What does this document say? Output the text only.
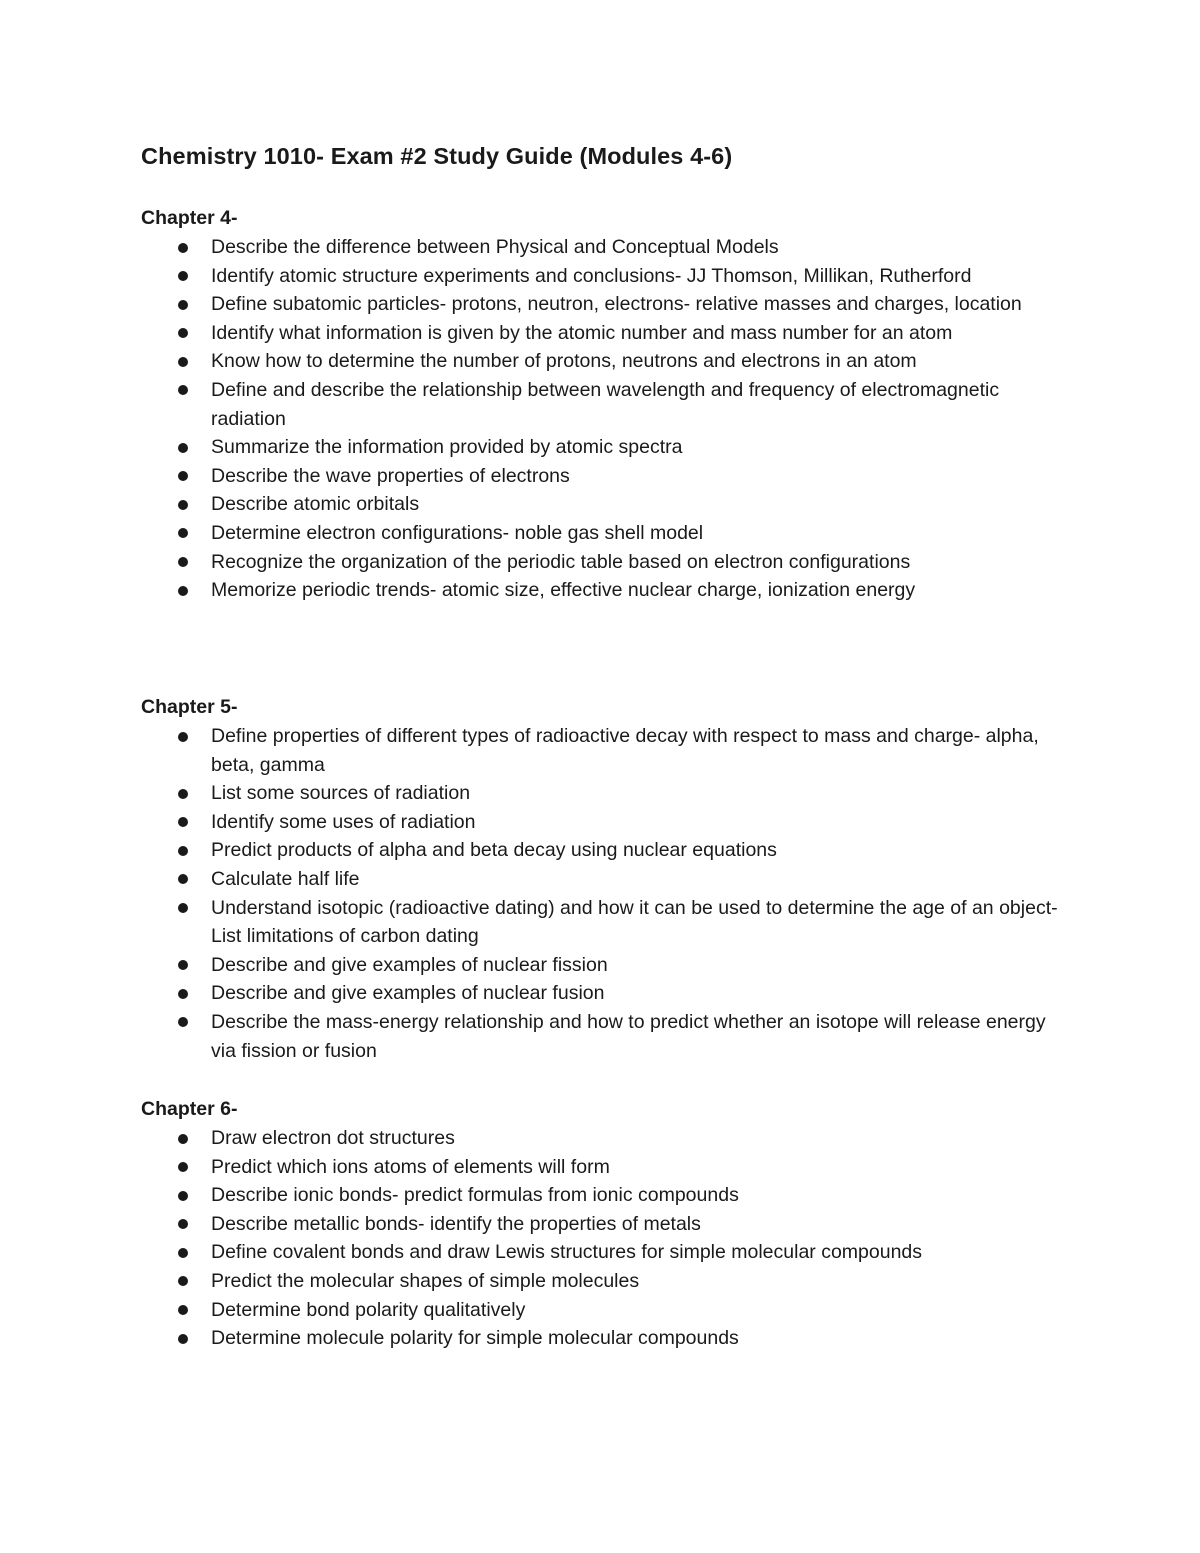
Chemistry 1010- Exam #2 Study Guide (Modules 4-6)
Chapter 4-
Describe the difference between Physical and Conceptual Models
Identify atomic structure experiments and conclusions- JJ Thomson, Millikan, Rutherford
Define subatomic particles- protons, neutron, electrons- relative masses and charges, location
Identify what information is given by the atomic number and mass number for an atom
Know how to determine the number of protons, neutrons and electrons in an atom
Define and describe the relationship between wavelength and frequency of electromagnetic radiation
Summarize the information provided by atomic spectra
Describe the wave properties of electrons
Describe atomic orbitals
Determine electron configurations- noble gas shell model
Recognize the organization of the periodic table based on electron configurations
Memorize periodic trends- atomic size, effective nuclear charge, ionization energy
Chapter 5-
Define properties of different types of radioactive decay with respect to mass and charge- alpha, beta, gamma
List some sources of radiation
Identify some uses of radiation
Predict products of alpha and beta decay using nuclear equations
Calculate half life
Understand isotopic (radioactive dating) and how it can be used to determine the age of an object- List limitations of carbon dating
Describe and give examples of nuclear fission
Describe and give examples of nuclear fusion
Describe the mass-energy relationship and how to predict whether an isotope will release energy via fission or fusion
Chapter 6-
Draw electron dot structures
Predict which ions atoms of elements will form
Describe ionic bonds- predict formulas from ionic compounds
Describe metallic bonds- identify the properties of metals
Define covalent bonds and draw Lewis structures for simple molecular compounds
Predict the molecular shapes of simple molecules
Determine bond polarity qualitatively
Determine molecule polarity for simple molecular compounds
